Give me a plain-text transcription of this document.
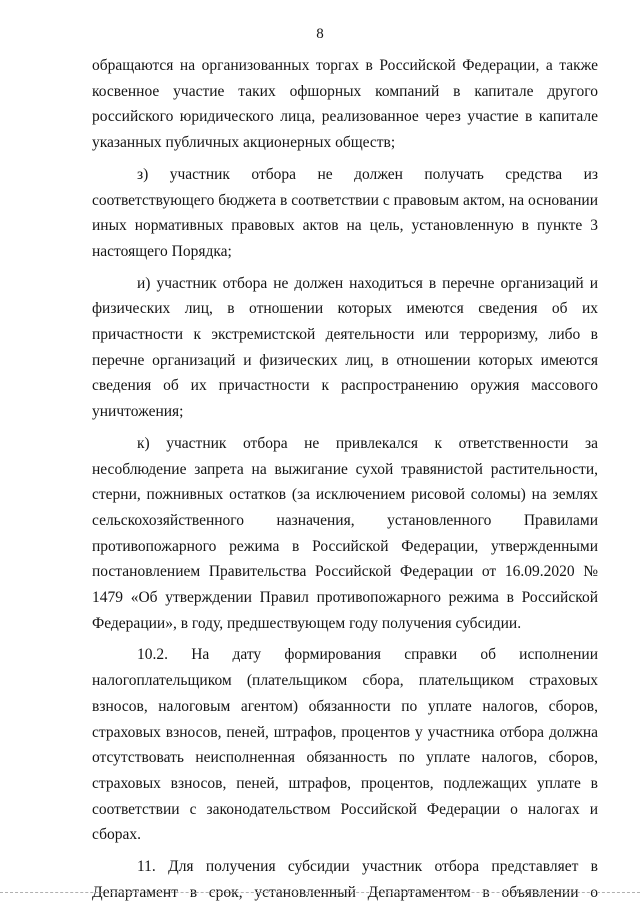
8

обращаются на организованных торгах в Российской Федерации, а также косвенное участие таких офшорных компаний в капитале другого российского юридического лица, реализованное через участие в капитале указанных публичных акционерных обществ;

з) участник отбора не должен получать средства из соответствующего бюджета в соответствии с правовым актом, на основании иных нормативных правовых актов на цель, установленную в пункте 3 настоящего Порядка;

и) участник отбора не должен находиться в перечне организаций и физических лиц, в отношении которых имеются сведения об их причастности к экстремистской деятельности или терроризму, либо в перечне организаций и физических лиц, в отношении которых имеются сведения об их причастности к распространению оружия массового уничтожения;

к) участник отбора не привлекался к ответственности за несоблюдение запрета на выжигание сухой травянистой растительности, стерни, пожнивных остатков (за исключением рисовой соломы) на землях сельскохозяйственного назначения, установленного Правилами противопожарного режима в Российской Федерации, утвержденными постановлением Правительства Российской Федерации от 16.09.2020 № 1479 «Об утверждении Правил противопожарного режима в Российской Федерации», в году, предшествующем году получения субсидии.

10.2. На дату формирования справки об исполнении налогоплательщиком (плательщиком сбора, плательщиком страховых взносов, налоговым агентом) обязанности по уплате налогов, сборов, страховых взносов, пеней, штрафов, процентов у участника отбора должна отсутствовать неисполненная обязанность по уплате налогов, сборов, страховых взносов, пеней, штрафов, процентов, подлежащих уплате в соответствии с законодательством Российской Федерации о налогах и сборах.

11. Для получения субсидии участник отбора представляет в Департамент в срок, установленный Департаментом в объявлении о
